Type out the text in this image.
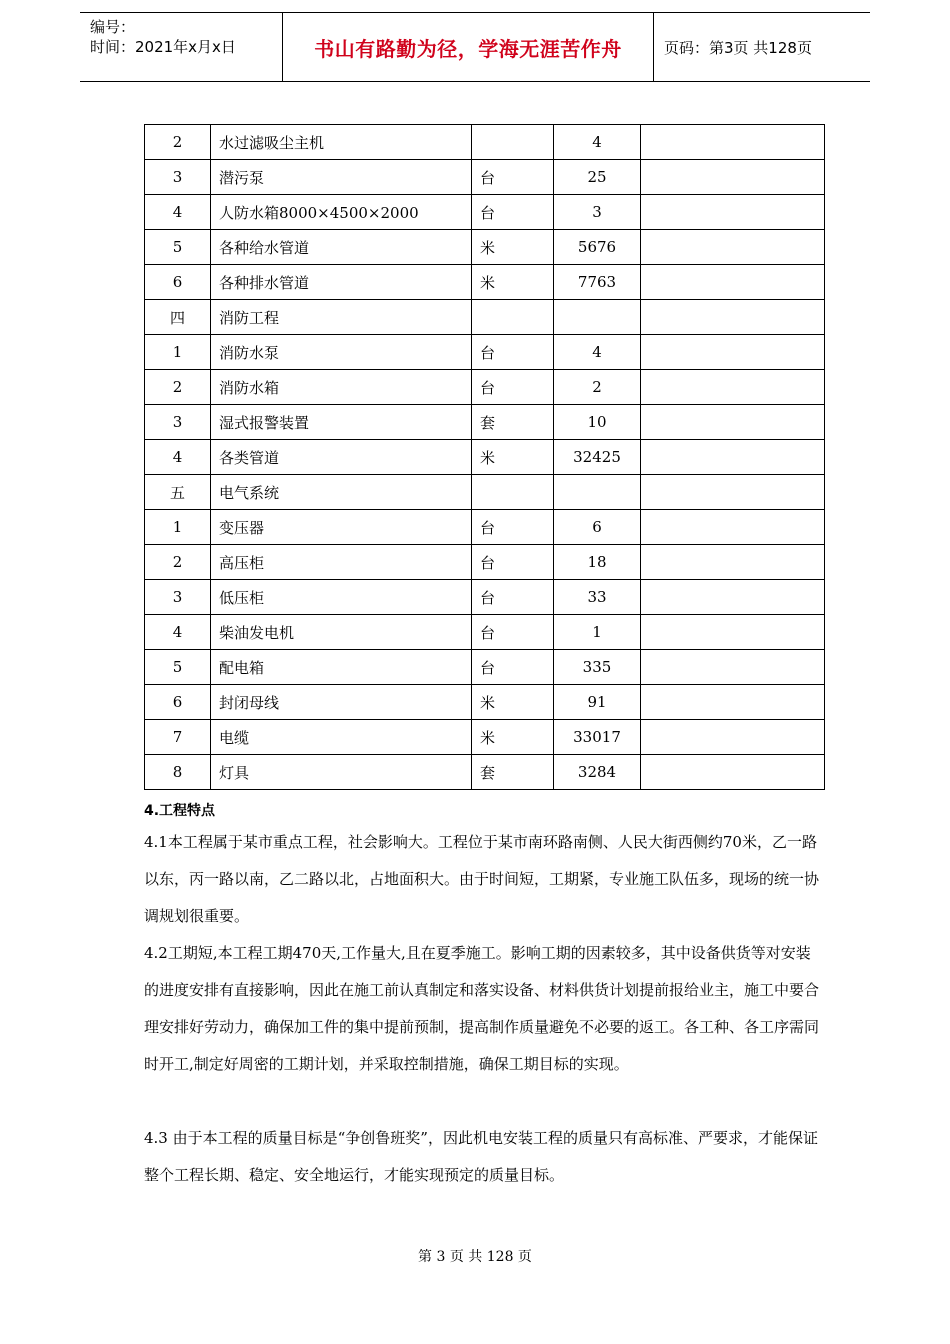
编号：
时间：2021年x月x日	书山有路勤为径，学海无涯苦作舟	页码：第3页 共128页
2	水过滤吸尘主机		4	
3	潜污泵	台	25	
4	人防水箱8000×4500×2000	台	3	
5	各种给水管道	米	5676	
6	各种排水管道	米	7763	
四	消防工程			
1	消防水泵	台	4	
2	消防水箱	台	2	
3	湿式报警装置	套	10	
4	各类管道	米	32425	
五	电气系统			
1	变压器	台	6	
2	高压柜	台	18	
3	低压柜	台	33	
4	柴油发电机	台	1	
5	配电箱	台	335	
6	封闭母线	米	91	
7	电缆	米	33017	
8	灯具	套	3284	
4.工程特点

4.1本工程属于某市重点工程，社会影响大。工程位于某市南环路南侧、人民大街西侧约70米，乙一路以东，丙一路以南，乙二路以北，占地面积大。由于时间短，工期紧，专业施工队伍多，现场的统一协调规划很重要。

4.2工期短,本工程工期470天,工作量大,且在夏季施工。影响工期的因素较多，其中设备供货等对安装的进度安排有直接影响，因此在施工前认真制定和落实设备、材料供货计划提前报给业主，施工中要合理安排好劳动力，确保加工件的集中提前预制，提高制作质量避免不必要的返工。各工种、各工序需同时开工,制定好周密的工期计划，并采取控制措施，确保工期目标的实现。

4.3 由于本工程的质量目标是“争创鲁班奖”，因此机电安装工程的质量只有高标准、严要求，才能保证整个工程长期、稳定、安全地运行，才能实现预定的质量目标。

第 3 页 共 128 页
